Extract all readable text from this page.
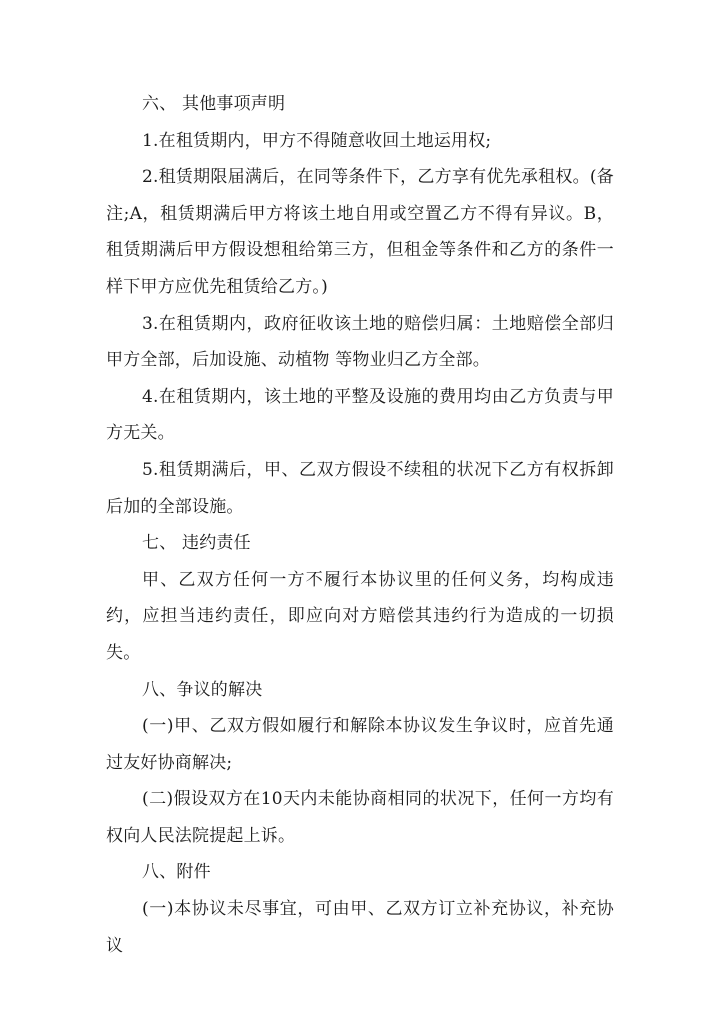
六、 其他事项声明

1.在租赁期内，甲方不得随意收回土地运用权;

2.租赁期限届满后，在同等条件下，乙方享有优先承租权。(备注;A，租赁期满后甲方将该土地自用或空置乙方不得有异议。B，租赁期满后甲方假设想租给第三方，但租金等条件和乙方的条件一样下甲方应优先租赁给乙方。)

3.在租赁期内，政府征收该土地的赔偿归属：土地赔偿全部归甲方全部，后加设施、动植物 等物业归乙方全部。

4.在租赁期内，该土地的平整及设施的费用均由乙方负责与甲方无关。

5.租赁期满后，甲、乙双方假设不续租的状况下乙方有权拆卸后加的全部设施。

七、 违约责任

甲、乙双方任何一方不履行本协议里的任何义务，均构成违约，应担当违约责任，即应向对方赔偿其违约行为造成的一切损失。

八、争议的解决

(一)甲、乙双方假如履行和解除本协议发生争议时，应首先通过友好协商解决;

(二)假设双方在10天内未能协商相同的状况下，任何一方均有权向人民法院提起上诉。

八、附件

(一)本协议未尽事宜，可由甲、乙双方订立补充协议，补充协议
